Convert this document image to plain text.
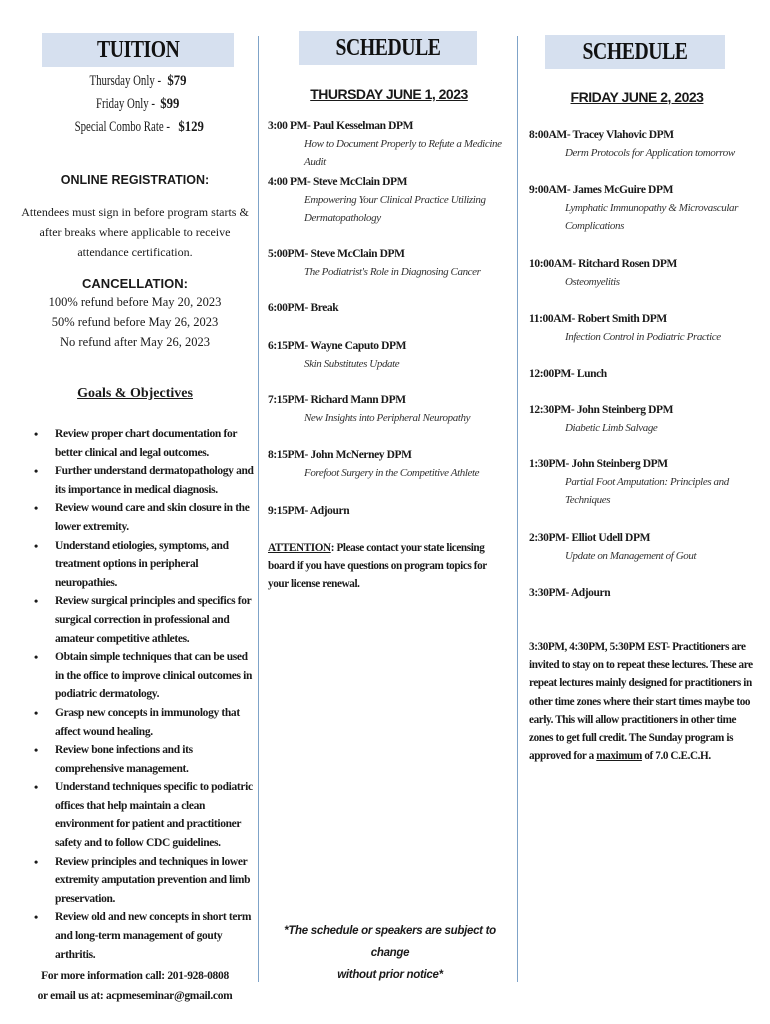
TUITION
Thursday Only -$79
Friday Only -$99
Special Combo Rate -$129
ONLINE REGISTRATION:
Attendees must sign in before program starts & after breaks where applicable to receive attendance certification.
CANCELLATION:
100% refund before May 20, 2023
50% refund before May 26, 2023
No refund after May 26, 2023
Goals & Objectives
• Review proper chart documentation for better clinical and legal outcomes.
• Further understand dermatopathology and its importance in medical diagnosis.
• Review wound care and skin closure in the lower extremity.
• Understand etiologies, symptoms, and treatment options in peripheral neuropathies.
• Review surgical principles and specifics for surgical correction in professional and amateur competitive athletes.
• Obtain simple techniques that can be used in the office to improve clinical outcomes in podiatric dermatology.
• Grasp new concepts in immunology that affect wound healing.
• Review bone infections and its comprehensive management.
• Understand techniques specific to podiatric offices that help maintain a clean environment for patient and practitioner safety and to follow CDC guidelines.
• Review principles and techniques in lower extremity amputation prevention and limb preservation.
• Review old and new concepts in short term and long-term management of gouty arthritis.
For more information call: 201-928-0808
or email us at: acpmeseminar@gmail.com
SCHEDULE
THURSDAY JUNE 1, 2023
3:00 PM- Paul Kesselman DPM
How to Document Properly to Refute a Medicine Audit
4:00 PM- Steve McClain DPM
Empowering Your Clinical Practice Utilizing Dermatopathology
5:00PM- Steve McClain DPM
The Podiatrist's Role in Diagnosing Cancer
6:00PM- Break
6:15PM- Wayne Caputo DPM
Skin Substitutes Update
7:15PM- Richard Mann DPM
New Insights into Peripheral Neuropathy
8:15PM- John McNerney DPM
Forefoot Surgery in the Competitive Athlete
9:15PM- Adjourn
ATTENTION: Please contact your state licensing board if you have questions on program topics for your license renewal.
*The schedule or speakers are subject to change
without prior notice*
SCHEDULE
FRIDAY JUNE 2, 2023
8:00AM- Tracey Vlahovic DPM
Derm Protocols for Application tomorrow
9:00AM- James McGuire DPM
Lymphatic Immunopathy & Microvascular Complications
10:00AM- Ritchard Rosen DPM
Osteomyelitis
11:00AM- Robert Smith DPM
Infection Control in Podiatric Practice
12:00PM- Lunch
12:30PM- John Steinberg DPM
Diabetic Limb Salvage
1:30PM- John Steinberg DPM
Partial Foot Amputation: Principles and Techniques
2:30PM- Elliot Udell DPM
Update on Management of Gout
3:30PM- Adjourn
3:30PM, 4:30PM, 5:30PM EST- Practitioners are invited to stay on to repeat these lectures. These are repeat lectures mainly designed for practitioners in other time zones where their start times maybe too early. This will allow practitioners in other time zones to get full credit. The Sunday program is approved for a maximum of 7.0 C.E.C.H.
